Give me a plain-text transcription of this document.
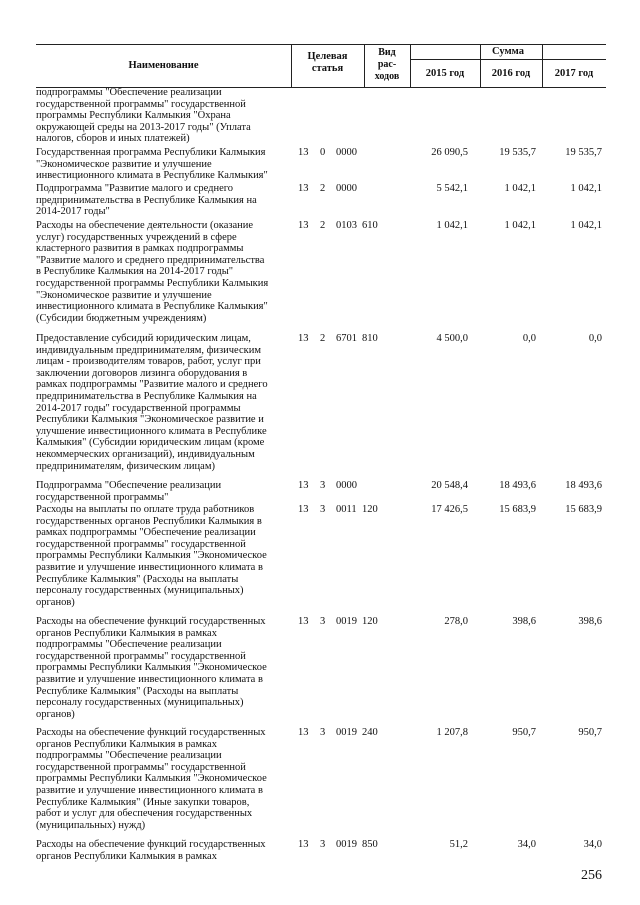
Наименование
Целевая
статья
Вид
рас-
ходов
Сумма
2015 год	2016 год	2017 год
подпрограммы "Обеспечение реализации
государственной программы" государственной
программы Республики Калмыкия "Охрана
окружающей среды на 2013-2017 годы" (Уплата
налогов, сборов и иных платежей)
Государственная программа Республики Калмыкия
"Экономическое развитие и улучшение
инвестиционного климата в Республике Калмыкия"
13 0 0000	26 090,5	19 535,7	19 535,7
Подпрограмма "Развитие малого и среднего
предпринимательства в Республике Калмыкия на
2014-2017 годы"
13 2 0000	5 542,1	1 042,1	1 042,1
Расходы на обеспечение деятельности (оказание
услуг) государственных учреждений в сфере
кластерного развития в рамках подпрограммы
"Развитие малого и среднего предпринимательства
в Республике Калмыкия на 2014-2017 годы"
государственной программы Республики Калмыкия
"Экономическое развитие и улучшение
инвестиционного климата в Республике Калмыкия"
(Субсидии бюджетным учреждениям)
13 2 0103 610	1 042,1	1 042,1	1 042,1
Предоставление субсидий юридическим лицам,
индивидуальным предпринимателям, физическим
лицам - производителям товаров, работ, услуг при
заключении договоров лизинга оборудования в
рамках подпрограммы "Развитие малого и среднего
предпринимательства в Республике Калмыкия на
2014-2017 годы" государственной программы
Республики Калмыкия "Экономическое развитие и
улучшение инвестиционного климата в Республике
Калмыкия" (Субсидии юридическим лицам (кроме
некоммерческих организаций), индивидуальным
предпринимателям, физическим лицам)
13 2 6701 810	4 500,0	0,0	0,0
Подпрограмма "Обеспечение реализации
государственной программы"
13 3 0000	20 548,4	18 493,6	18 493,6
Расходы на выплаты по оплате труда работников
государственных органов Республики Калмыкия в
рамках подпрограммы "Обеспечение реализации
государственной программы" государственной
программы Республики Калмыкия "Экономическое
развитие и улучшение инвестиционного климата в
Республике Калмыкия" (Расходы на выплаты
персоналу государственных (муниципальных)
органов)
13 3 0011 120	17 426,5	15 683,9	15 683,9
Расходы на обеспечение функций государственных
органов Республики Калмыкия в рамках
подпрограммы "Обеспечение реализации
государственной программы" государственной
программы Республики Калмыкия "Экономическое
развитие и улучшение инвестиционного климата в
Республике Калмыкия" (Расходы на выплаты
персоналу государственных (муниципальных)
органов)
13 3 0019 120	278,0	398,6	398,6
Расходы на обеспечение функций государственных
органов Республики Калмыкия в рамках
подпрограммы "Обеспечение реализации
государственной программы" государственной
программы Республики Калмыкия "Экономическое
развитие и улучшение инвестиционного климата в
Республике Калмыкия" (Иные закупки товаров,
работ и услуг для обеспечения государственных
(муниципальных) нужд)
13 3 0019 240	1 207,8	950,7	950,7
Расходы на обеспечение функций государственных
органов Республики Калмыкия в рамках
13 3 0019 850	51,2	34,0	34,0
256
